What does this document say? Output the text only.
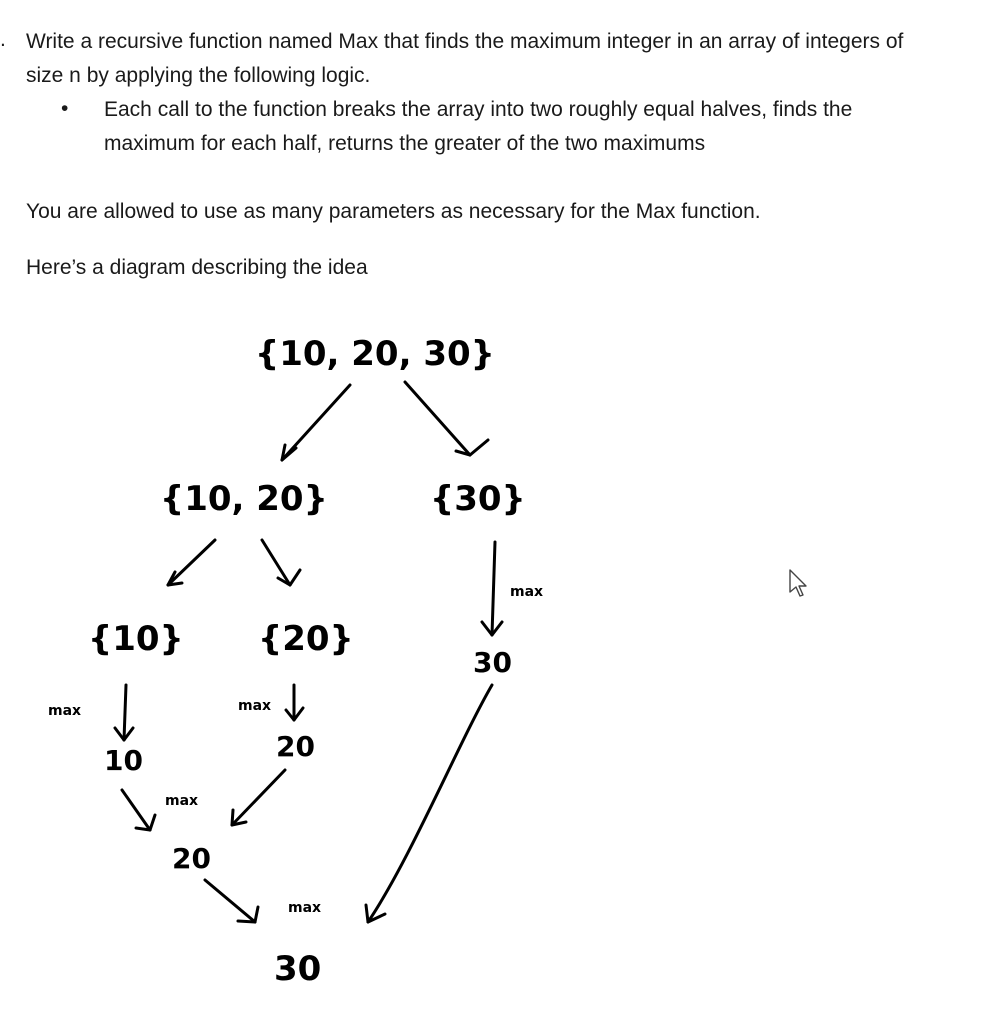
. Write a recursive function named Max that finds the maximum integer in an array of integers of
size n by applying the following logic.
• Each call to the function breaks the array into two roughly equal halves, finds the
maximum for each half, returns the greater of the two maximums
You are allowed to use as many parameters as necessary for the Max function.
Here’s a diagram describing the idea
{10, 20, 30}
{10, 20}	{30}
max
30
{10} {20}
max
10
max
20
max
20
max
30
